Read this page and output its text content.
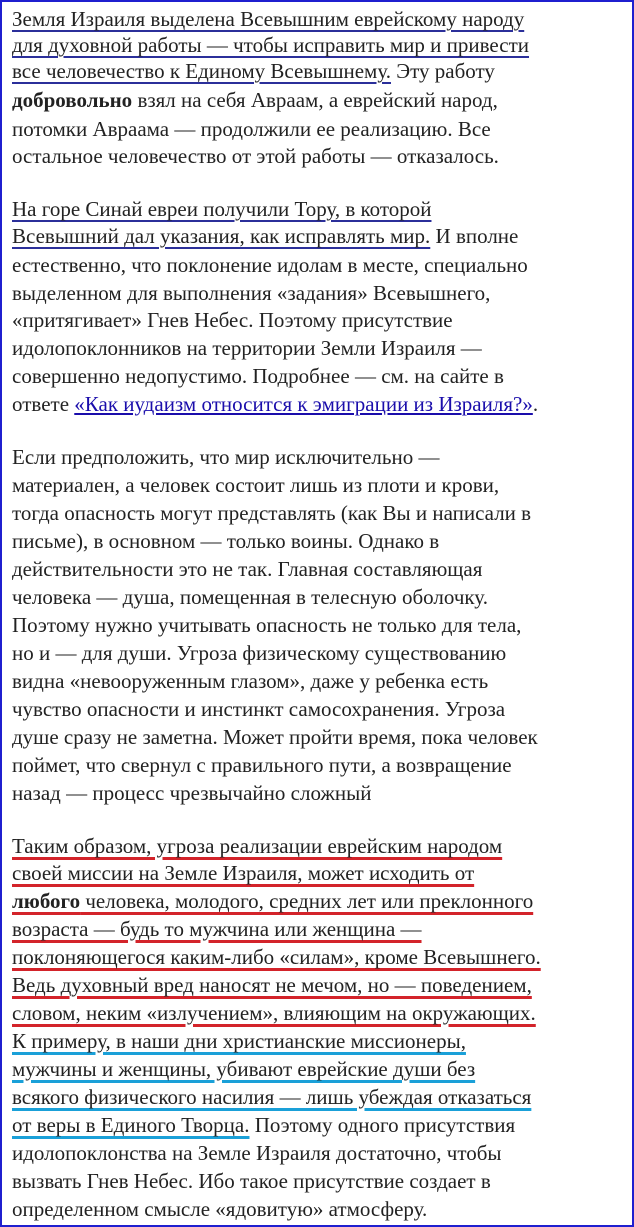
Земля Израиля выделена Всевышним еврейскому народу
для духовной работы — чтобы исправить мир и привести
все человечество к Единому Всевышнему. Эту работу
добровольно взял на себя Авраам, а еврейский народ,
потомки Авраама — продолжили ее реализацию. Все
остальное человечество от этой работы — отказалось.
На горе Синай евреи получили Тору, в которой
Всевышний дал указания, как исправлять мир. И вполне
естественно, что поклонение идолам в месте, специально
выделенном для выполнения «задания» Всевышнего,
«притягивает» Гнев Небес. Поэтому присутствие
идолопоклонников на территории Земли Израиля —
совершенно недопустимо. Подробнее — см. на сайте в
ответе «Как иудаизм относится к эмиграции из Израиля?».
Если предположить, что мир исключительно —
материален, а человек состоит лишь из плоти и крови,
тогда опасность могут представлять (как Вы и написали в
письме), в основном — только воины. Однако в
действительности это не так. Главная составляющая
человека — душа, помещенная в телесную оболочку.
Поэтому нужно учитывать опасность не только для тела,
но и — для души. Угроза физическому существованию
видна «невооруженным глазом», даже у ребенка есть
чувство опасности и инстинкт самосохранения. Угроза
душе сразу не заметна. Может пройти время, пока человек
поймет, что свернул с правильного пути, а возвращение
назад — процесс чрезвычайно сложный
Таким образом, угроза реализации еврейским народом
своей миссии на Земле Израиля, может исходить от
любого человека, молодого, средних лет или преклонного
возраста — будь то мужчина или женщина —
поклоняющегося каким-либо «силам», кроме Всевышнего.
Ведь духовный вред наносят не мечом, но — поведением,
словом, неким «излучением», влияющим на окружающих.
К примеру, в наши дни христианские миссионеры,
мужчины и женщины, убивают еврейские души без
всякого физического насилия — лишь убеждая отказаться
от веры в Единого Творца. Поэтому одного присутствия
идолопоклонства на Земле Израиля достаточно, чтобы
вызвать Гнев Небес. Ибо такое присутствие создает в
определенном смысле «ядовитую» атмосферу.
